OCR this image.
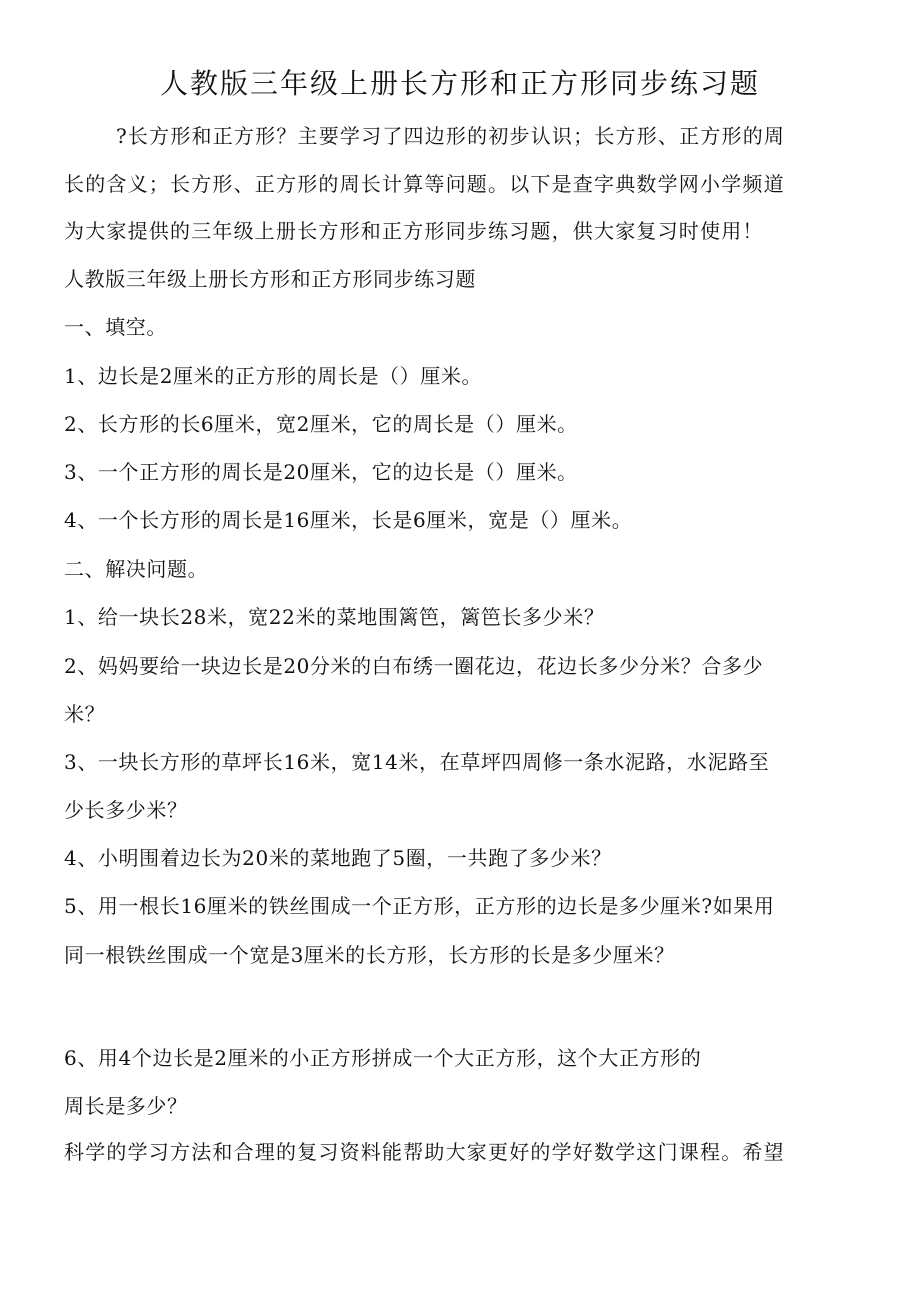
人教版三年级上册长方形和正方形同步练习题
?长方形和正方形？主要学习了四边形的初步认识；长方形、正方形的周
长的含义；长方形、正方形的周长计算等问题。以下是查字典数学网小学频道
为大家提供的三年级上册长方形和正方形同步练习题，供大家复习时使用！
人教版三年级上册长方形和正方形同步练习题
一、填空。
1、边长是2厘米的正方形的周长是（）厘米。
2、长方形的长6厘米，宽2厘米，它的周长是（）厘米。
3、一个正方形的周长是20厘米，它的边长是（）厘米。
4、一个长方形的周长是16厘米，长是6厘米，宽是（）厘米。
二、解决问题。
1、给一块长28米，宽22米的菜地围篱笆，篱笆长多少米？
2、妈妈要给一块边长是20分米的白布绣一圈花边，花边长多少分米？合多少
米？
3、一块长方形的草坪长16米，宽14米，在草坪四周修一条水泥路，水泥路至
少长多少米？
4、小明围着边长为20米的菜地跑了5圈，一共跑了多少米？
5、用一根长16厘米的铁丝围成一个正方形，正方形的边长是多少厘米?如果用
同一根铁丝围成一个宽是3厘米的长方形，长方形的长是多少厘米？
6、用4个边长是2厘米的小正方形拼成一个大正方形，这个大正方形的
周长是多少？
科学的学习方法和合理的复习资料能帮助大家更好的学好数学这门课程。希望
